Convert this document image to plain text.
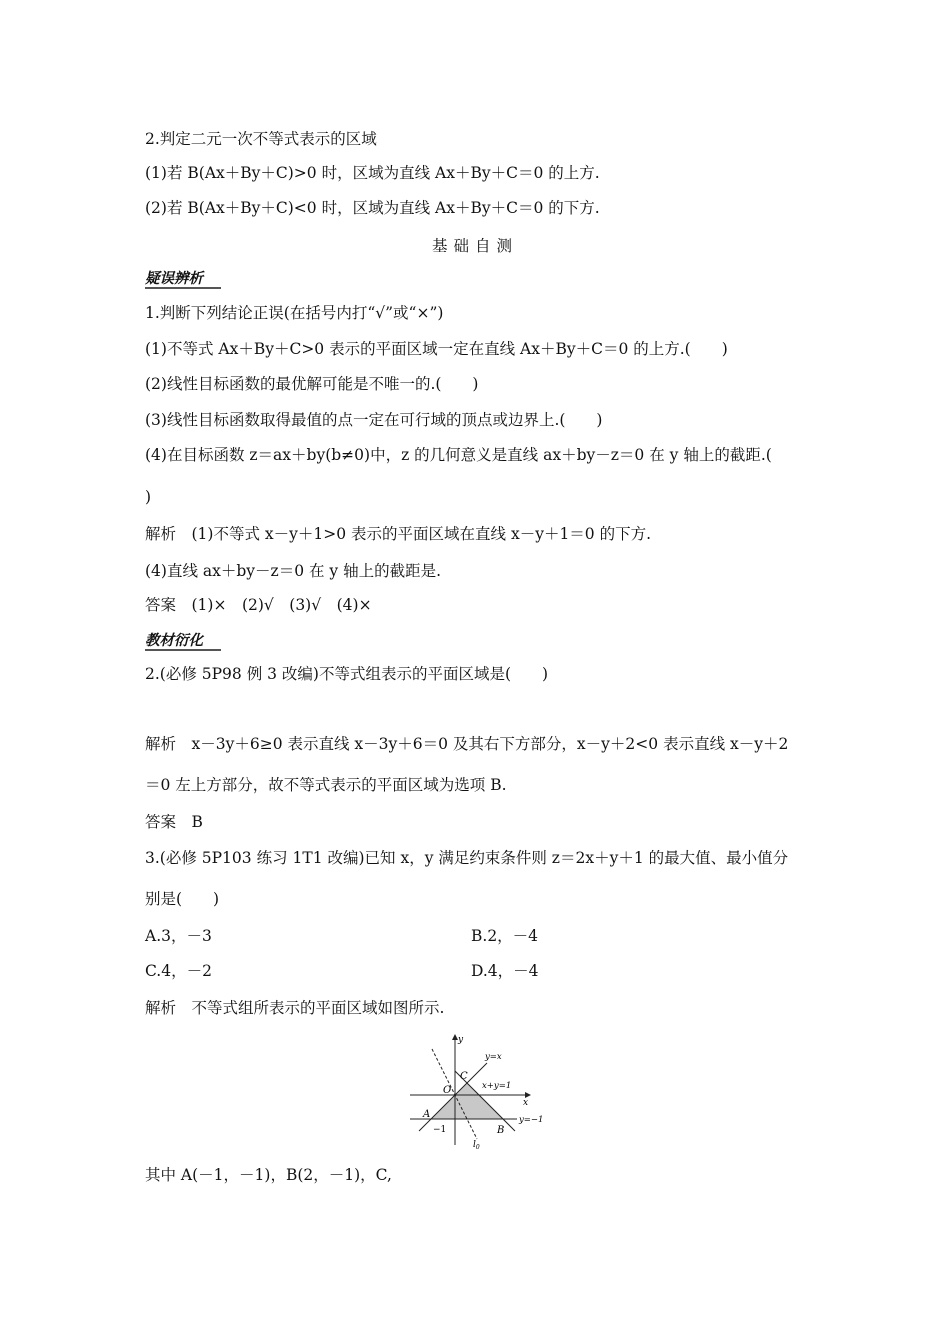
2.判定二元一次不等式表示的区域
(1)若 B(Ax＋By＋C)>0 时，区域为直线 Ax＋By＋C＝0 的上方.
(2)若 B(Ax＋By＋C)<0 时，区域为直线 Ax＋By＋C＝0 的下方.
基础自测
疑误辨析
1.判断下列结论正误(在括号内打“√”或“×”)
(1)不等式 Ax＋By＋C>0 表示的平面区域一定在直线 Ax＋By＋C＝0 的上方.(　　)
(2)线性目标函数的最优解可能是不唯一的.(　　)
(3)线性目标函数取得最值的点一定在可行域的顶点或边界上.(　　)
(4)在目标函数 z＝ax＋by(b≠0)中，z 的几何意义是直线 ax＋by－z＝0 在 y 轴上的截距.(
)
解析　(1)不等式 x－y＋1>0 表示的平面区域在直线 x－y＋1＝0 的下方.
(4)直线 ax＋by－z＝0 在 y 轴上的截距是.
答案　(1)×　(2)√　(3)√　(4)×
教材衍化
2.(必修 5P98 例 3 改编)不等式组表示的平面区域是(　　)
解析　x－3y＋6≥0 表示直线 x－3y＋6＝0 及其右下方部分，x－y＋2<0 表示直线 x－y＋2
＝0 左上方部分，故不等式表示的平面区域为选项 B.
答案　B
3.(必修 5P103 练习 1T1 改编)已知 x，y 满足约束条件则 z＝2x＋y＋1 的最大值、最小值分
别是(　　)
A.3，－3	B.2，－4
C.4，－2	D.4，－4
解析　不等式组所表示的平面区域如图所示.
y
x
y=x
x+y=1
y=−1
O
C
A
B
−1
$l_0$
其中 A(－1，－1)，B(2，－1)，C,
